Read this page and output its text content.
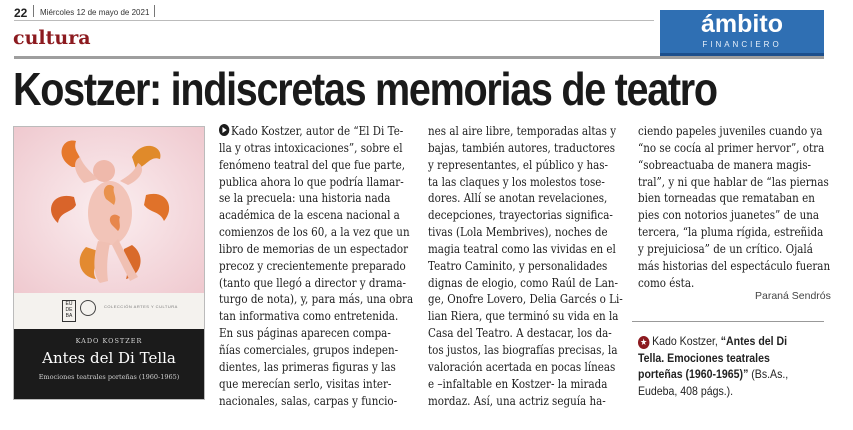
22 Miércoles 12 de mayo de 2021	ámbito
FINANCIERO
cultura
Kostzer: indiscretas memorias de teatro
EU DE BA
COLECCIÓN ARTES Y CULTURA
KADO KOSTZER
Antes del Di Tella
Emociones teatrales porteñas (1960-1965)
Kado Kostzer, autor de “El Di Te-
lla y otras intoxicaciones”, sobre el
fenómeno teatral del que fue parte,
publica ahora lo que podría llamar-
se la precuela: una historia nada
académica de la escena nacional a
comienzos de los 60, a la vez que un
libro de memorias de un espectador
precoz y crecientemente preparado
(tanto que llegó a director y drama-
turgo de nota), y, para más, una obra
tan informativa como entretenida.
En sus páginas aparecen compa-
ñías comerciales, grupos indepen-
dientes, las primeras figuras y las
que merecían serlo, visitas inter-
nacionales, salas, carpas y funcio-
nes al aire libre, temporadas altas y
bajas, también autores, traductores
y representantes, el público y has-
ta las claques y los molestos tose-
dores. Allí se anotan revelaciones,
decepciones, trayectorias significa-
tivas (Lola Membrives), noches de
magia teatral como las vividas en el
Teatro Caminito, y personalidades
dignas de elogio, como Raúl de Lan-
ge, Onofre Lovero, Delia Garcés o Li-
lian Riera, que terminó su vida en la
Casa del Teatro. A destacar, los da-
tos justos, las biografías precisas, la
valoración acertada en pocas líneas
e –infaltable en Kostzer- la mirada
mordaz. Así, una actriz seguía ha-
ciendo papeles juveniles cuando ya
“no se cocía al primer hervor”, otra
“sobreactuaba de manera magis-
tral”, y ni que hablar de “las piernas
bien torneadas que remataban en
pies con notorios juanetes” de una
tercera, “la pluma rígida, estreñida
y prejuiciosa” de un crítico. Ojalá
más historias del espectáculo fueran
como ésta.
Paraná Sendrós
★ Kado Kostzer, “Antes del Di
Tella. Emociones teatrales
porteñas (1960-1965)” (Bs.As.,
Eudeba, 408 págs.).
